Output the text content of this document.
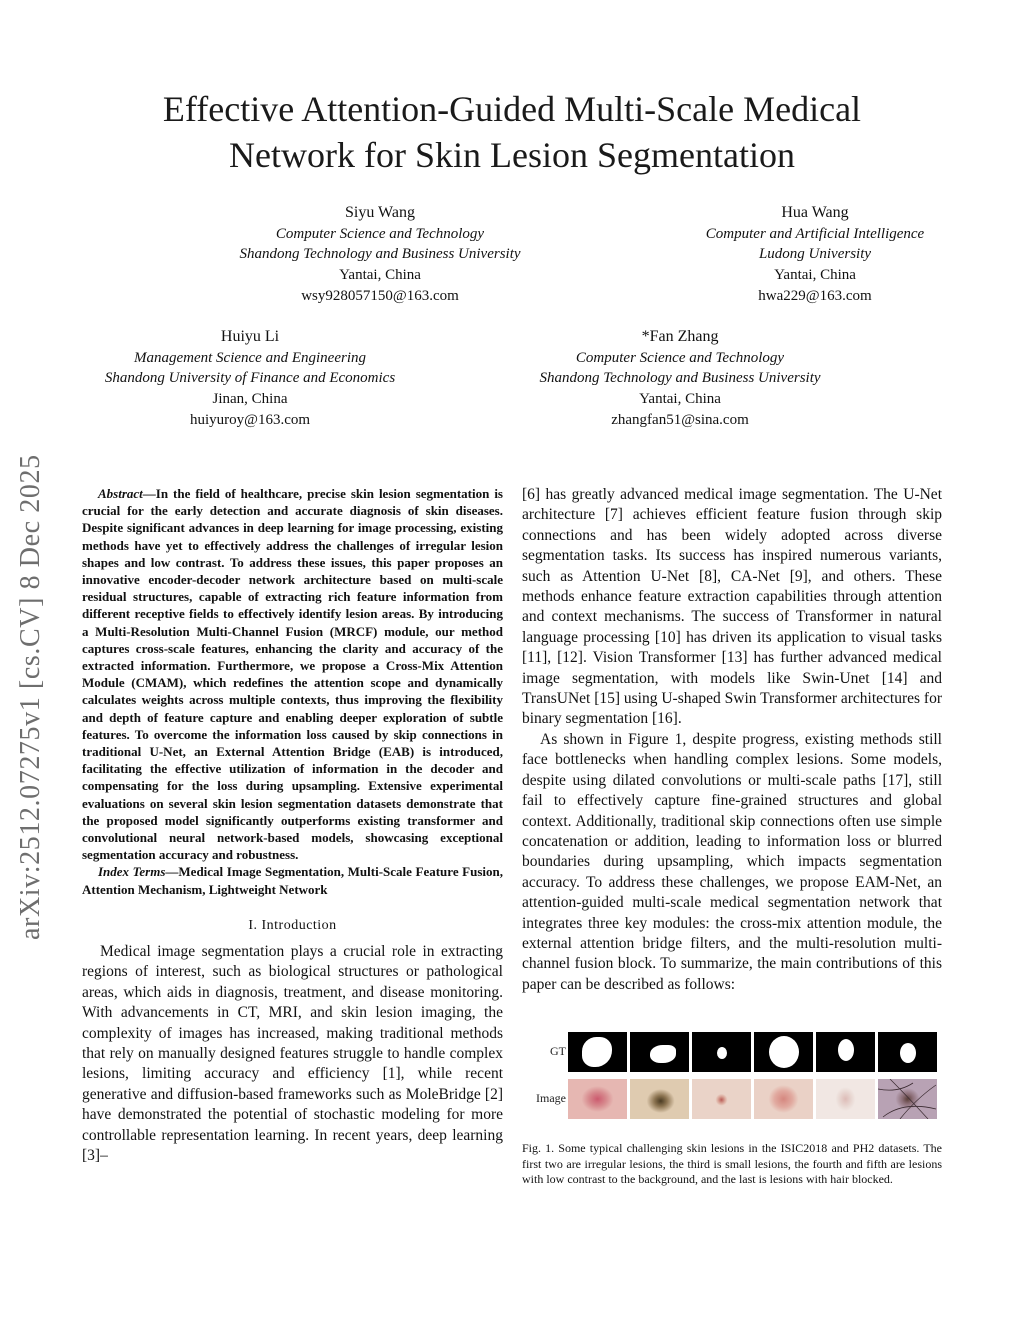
Effective Attention-Guided Multi-Scale Medical
Network for Skin Lesion Segmentation
Siyu Wang
Computer Science and Technology
Shandong Technology and Business University
Yantai, China
wsy928057150@163.com
Hua Wang
Computer and Artificial Intelligence
Ludong University
Yantai, China
hwa229@163.com
Huiyu Li
Management Science and Engineering
Shandong University of Finance and Economics
Jinan, China
huiyuroy@163.com
*Fan Zhang
Computer Science and Technology
Shandong Technology and Business University
Yantai, China
zhangfan51@sina.com
arXiv:2512.07275v1 [cs.CV] 8 Dec 2025	Abstract—In the field of healthcare, precise skin lesion segmentation is crucial for the early detection and accurate diagnosis of skin diseases. Despite significant advances in deep learning for image processing, existing methods have yet to effectively address the challenges of irregular lesion shapes and low contrast. To address these issues, this paper proposes an innovative encoder-decoder network architecture based on multi-scale residual structures, capable of extracting rich feature information from different receptive fields to effectively identify lesion areas. By introducing a Multi-Resolution Multi-Channel Fusion (MRCF) module, our method captures cross-scale features, enhancing the clarity and accuracy of the extracted information. Furthermore, we propose a Cross-Mix Attention Module (CMAM), which redefines the attention scope and dynamically calculates weights across multiple contexts, thus improving the flexibility and depth of feature capture and enabling deeper exploration of subtle features. To overcome the information loss caused by skip connections in traditional U-Net, an External Attention Bridge (EAB) is introduced, facilitating the effective utilization of information in the decoder and compensating for the loss during upsampling. Extensive experimental evaluations on several skin lesion segmentation datasets demonstrate that the proposed model significantly outperforms existing transformer and convolutional neural network-based models, showcasing exceptional segmentation accuracy and robustness.

Index Terms—Medical Image Segmentation, Multi-Scale Feature Fusion, Attention Mechanism, Lightweight Network

I. Introduction

Medical image segmentation plays a crucial role in extracting regions of interest, such as biological structures or pathological areas, which aids in diagnosis, treatment, and disease monitoring. With advancements in CT, MRI, and skin lesion imaging, the complexity of images has increased, making traditional methods that rely on manually designed features struggle to handle complex lesions, limiting accuracy and efficiency [1], while recent generative and diffusion-based frameworks such as MoleBridge [2] have demonstrated the potential of stochastic modeling for more controllable representation learning. In recent years, deep learning [3]–

[6] has greatly advanced medical image segmentation. The U-Net architecture [7] achieves efficient feature fusion through skip connections and has been widely adopted across diverse segmentation tasks. Its success has inspired numerous variants, such as Attention U-Net [8], CA-Net [9], and others. These methods enhance feature extraction capabilities through attention and context mechanisms. The success of Transformer in natural language processing [10] has driven its application to visual tasks [11], [12]. Vision Transformer [13] has further advanced medical image segmentation, with models like Swin-Unet [14] and TransUNet [15] using U-shaped Swin Transformer architectures for binary segmentation [16].

As shown in Figure 1, despite progress, existing methods still face bottlenecks when handling complex lesions. Some models, despite using dilated convolutions or multi-scale paths [17], still fail to effectively capture fine-grained structures and global context. Additionally, traditional skip connections often use simple concatenation or addition, leading to information loss or blurred boundaries during upsampling, which impacts segmentation accuracy. To address these challenges, we propose EAM-Net, an attention-guided multi-scale medical segmentation network that integrates three key modules: the cross-mix attention module, the external attention bridge filters, and the multi-resolution multi-channel fusion block. To summarize, the main contributions of this paper can be described as follows:

GT
Image
Fig. 1. Some typical challenging skin lesions in the ISIC2018 and PH2 datasets. The first two are irregular lesions, the third is small lesions, the fourth and fifth are lesions with low contrast to the background, and the last is lesions with hair blocked.
